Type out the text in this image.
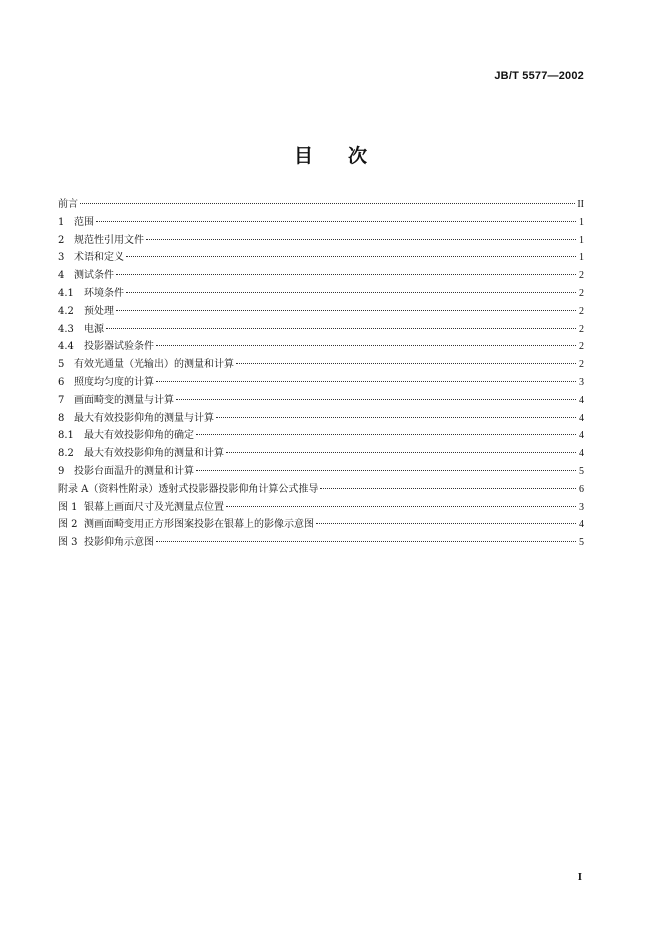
JB/T 5577—2002
目 次
前言	II
1 范围	1
2 规范性引用文件	1
3 术语和定义	1
4 测试条件	2
4.1	环境条件	2
4.2	预处理	2
4.3	电源	2
4.4	投影器试验条件	2
5 有效光通量（光输出）的测量和计算	2
6 照度均匀度的计算	3
7 画面畸变的测量与计算	4
8 最大有效投影仰角的测量与计算	4
8.1	最大有效投影仰角的确定	4
8.2	最大有效投影仰角的测量和计算	4
9 投影台面温升的测量和计算	5
附录 A（资料性附录）透射式投影器投影仰角计算公式推导	6
图 1 银幕上画面尺寸及光测量点位置	3
图 2 测画面畸变用正方形图案投影在银幕上的影像示意图	4
图 3 投影仰角示意图	5
I
